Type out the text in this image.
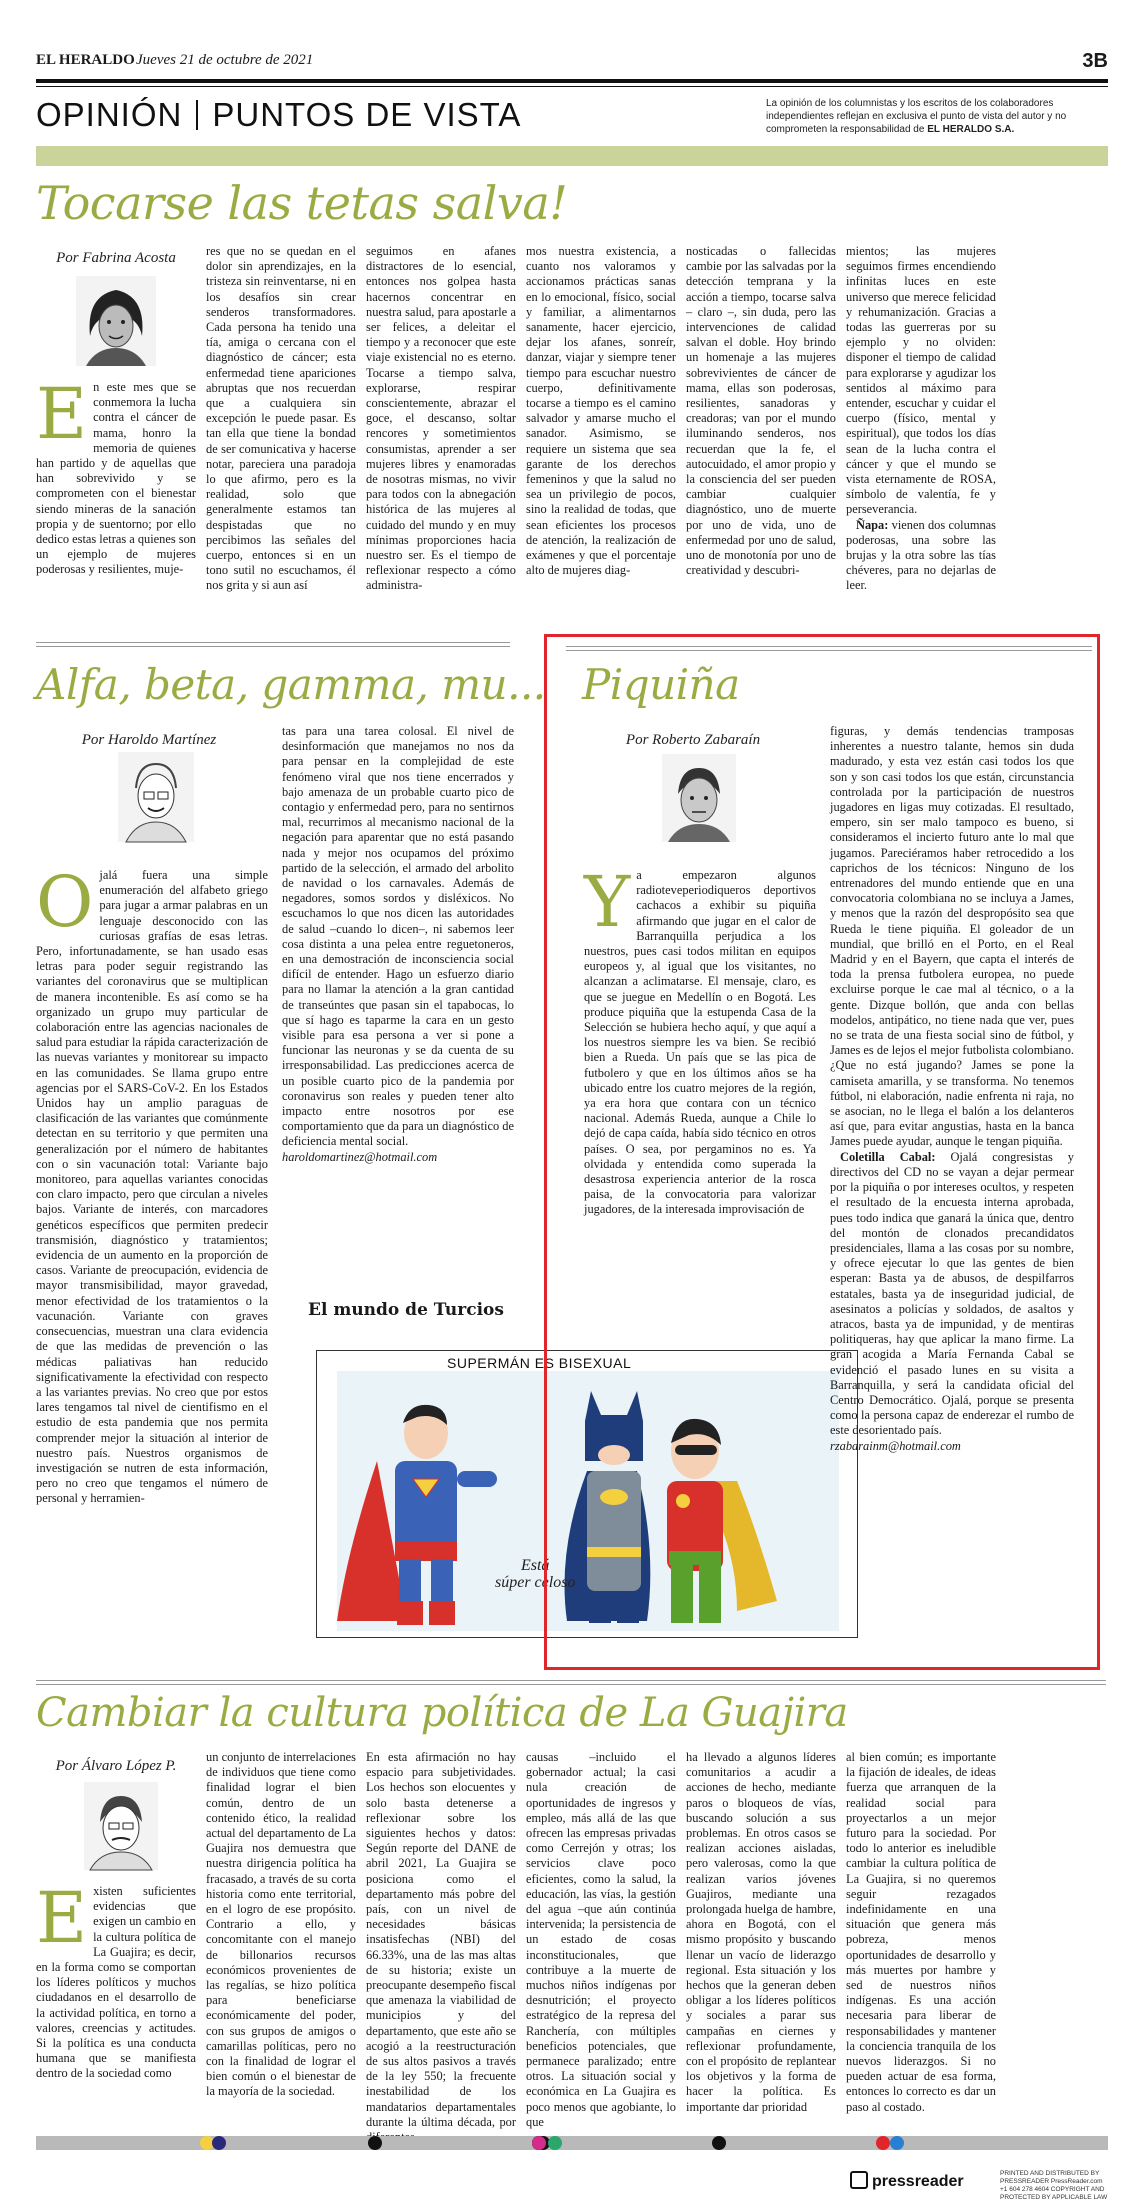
EL HERALDO Jueves 21 de octubre de 2021	3B
OPINIÓN PUNTOS DE VISTA	La opinión de los columnistas y los escritos de los colaboradores independientes reflejan en exclusiva el punto de vista del autor y no comprometen la responsabilidad de EL HERALDO S.A.
Tocarse las tetas salva!
Por Fabrina Acosta
E n este mes que se conmemora la lucha contra el cáncer de mama, honro la memoria de quienes han partido y de aquellas que han sobrevivido y se comprometen con el bienestar siendo mineras de la sanación propia y de suentorno; por ello dedico estas letras a quienes son un ejemplo de mujeres poderosas y resilientes, muje-

res que no se quedan en el dolor sin aprendizajes, en la tristeza sin reinventarse, ni en los desafíos sin crear senderos transformadores. Cada persona ha tenido una tía, amiga o cercana con el diagnóstico de cáncer; esta enfermedad tiene apariciones abruptas que nos recuerdan que a cualquiera sin excepción le puede pasar. Es tan ella que tiene la bondad de ser comunicativa y hacerse notar, pareciera una paradoja lo que afirmo, pero es la realidad, solo que generalmente estamos tan despistadas que no percibimos las señales del cuerpo, entonces si en un tono sutil no escuchamos, él nos grita y si aun así

seguimos en afanes distractores de lo esencial, entonces nos golpea hasta hacernos concentrar en nuestra salud, para apostarle a ser felices, a deleitar el tiempo y a reconocer que este viaje existencial no es eterno. Tocarse a tiempo salva, explorarse, respirar conscientemente, abrazar el goce, el descanso, soltar rencores y sometimientos consumistas, aprender a ser mujeres libres y enamoradas de nosotras mismas, no vivir para todos con la abnegación histórica de las mujeres al cuidado del mundo y en muy mínimas proporciones hacia nuestro ser. Es el tiempo de reflexionar respecto a cómo administra-

mos nuestra existencia, a cuanto nos valoramos y accionamos prácticas sanas en lo emocional, físico, social y familiar, a alimentarnos sanamente, hacer ejercicio, dejar los afanes, sonreír, danzar, viajar y siempre tener tiempo para escuchar nuestro cuerpo, definitivamente tocarse a tiempo es el camino salvador y amarse mucho el sanador. Asimismo, se requiere un sistema que sea garante de los derechos femeninos y que la salud no sea un privilegio de pocos, sino la realidad de todas, que sean eficientes los procesos de atención, la realización de exámenes y que el porcentaje alto de mujeres diag-

nosticadas o fallecidas cambie por las salvadas por la detección temprana y la acción a tiempo, tocarse salva – claro –, sin duda, pero las intervenciones de calidad salvan el doble. Hoy brindo un homenaje a las mujeres sobrevivientes de cáncer de mama, ellas son poderosas, resilientes, sanadoras y creadoras; van por el mundo iluminando senderos, nos recuerdan que la fe, el autocuidado, el amor propio y la consciencia del ser pueden cambiar cualquier diagnóstico, uno de muerte por uno de vida, uno de enfermedad por uno de salud, uno de monotonía por uno de creatividad y descubri-

mientos; las mujeres seguimos firmes encendiendo infinitas luces en este universo que merece felicidad y rehumanización. Gracias a todas las guerreras por su ejemplo y no olviden: disponer el tiempo de calidad para explorarse y agudizar los sentidos al máximo para entender, escuchar y cuidar el cuerpo (físico, mental y espiritual), que todos los días sean de la lucha contra el cáncer y que el mundo se vista eternamente de ROSA, símbolo de valentía, fe y perseverancia.

Ñapa: vienen dos columnas poderosas, una sobre las brujas y la otra sobre las tías chéveres, para no dejarlas de leer.

Alfa, beta, gamma, mu...
Por Haroldo Martínez
O jalá fuera una simple enumeración del alfabeto griego para jugar a armar palabras en un lenguaje desconocido con las curiosas grafías de esas letras. Pero, infortunadamente, se han usado esas letras para poder seguir registrando las variantes del coronavirus que se multiplican de manera incontenible. Es así como se ha organizado un grupo muy particular de colaboración entre las agencias nacionales de salud para estudiar la rápida caracterización de las nuevas variantes y monitorear su impacto en las comunidades. Se llama grupo entre agencias por el SARS-CoV-2. En los Estados Unidos hay un amplio paraguas de clasificación de las variantes que comúnmente detectan en su territorio y que permiten una generalización por el número de habitantes con o sin vacunación total: Variante bajo monitoreo, para aquellas variantes conocidas con claro impacto, pero que circulan a niveles bajos. Variante de interés, con marcadores genéticos específicos que permiten predecir transmisión, diagnóstico y tratamientos; evidencia de un aumento en la proporción de casos. Variante de preocupación, evidencia de mayor transmisibilidad, mayor gravedad, menor efectividad de los tratamientos o la vacunación. Variante con graves consecuencias, muestran una clara evidencia de que las medidas de prevención o las médicas paliativas han reducido significativamente la efectividad con respecto a las variantes previas. No creo que por estos lares tengamos tal nivel de cientifismo en el estudio de esta pandemia que nos permita comprender mejor la situación al interior de nuestro país. Nuestros organismos de investigación se nutren de esta información, pero no creo que tengamos el número de personal y herramien-

tas para una tarea colosal. El nivel de desinformación que manejamos no nos da para pensar en la complejidad de este fenómeno viral que nos tiene encerrados y bajo amenaza de un probable cuarto pico de contagio y enfermedad pero, para no sentirnos mal, recurrimos al mecanismo nacional de la negación para aparentar que no está pasando nada y mejor nos ocupamos del próximo partido de la selección, el armado del arbolito de navidad o los carnavales. Además de negadores, somos sordos y disléxicos. No escuchamos lo que nos dicen las autoridades de salud –cuando lo dicen–, ni sabemos leer cosa distinta a una pelea entre reguetoneros, en una demostración de inconsciencia social difícil de entender. Hago un esfuerzo diario para no llamar la atención a la gran cantidad de transeúntes que pasan sin el tapabocas, lo que sí hago es taparme la cara en un gesto visible para esa persona a ver si pone a funcionar las neuronas y se da cuenta de su irresponsabilidad. Las predicciones acerca de un posible cuarto pico de la pandemia por coronavirus son reales y pueden tener alto impacto entre nosotros por ese comportamiento que da para un diagnóstico de deficiencia mental social.

haroldomartinez@hotmail.com

El mundo de Turcios
SUPERMÁN ES BISEXUAL
Está
súper celoso
Piquiña
Por Roberto Zabaraín
Y a empezaron algunos radioteveperiodiqueros deportivos cachacos a exhibir su piquiña afirmando que jugar en el calor de Barranquilla perjudica a los nuestros, pues casi todos militan en equipos europeos y, al igual que los visitantes, no alcanzan a aclimatarse. El mensaje, claro, es que se juegue en Medellín o en Bogotá. Les produce piquiña que la estupenda Casa de la Selección se hubiera hecho aquí, y que aquí a los nuestros siempre les va bien. Se recibió bien a Rueda. Un país que se las pica de futbolero y que en los últimos años se ha ubicado entre los cuatro mejores de la región, ya era hora que contara con un técnico nacional. Además Rueda, aunque a Chile lo dejó de capa caída, había sido técnico en otros países. O sea, por pergaminos no es. Ya olvidada y entendida como superada la desastrosa experiencia anterior de la rosca paisa, de la convocatoria para valorizar jugadores, de la interesada improvisación de

figuras, y demás tendencias tramposas inherentes a nuestro talante, hemos sin duda madurado, y esta vez están casi todos los que son y son casi todos los que están, circunstancia controlada por la participación de nuestros jugadores en ligas muy cotizadas. El resultado, empero, sin ser malo tampoco es bueno, si consideramos el incierto futuro ante lo mal que jugamos. Pareciéramos haber retrocedido a los caprichos de los técnicos: Ninguno de los entrenadores del mundo entiende que en una convocatoria colombiana no se incluya a James, y menos que la razón del despropósito sea que Rueda le tiene piquiña. El goleador de un mundial, que brilló en el Porto, en el Real Madrid y en el Bayern, que capta el interés de toda la prensa futbolera europea, no puede excluirse porque le cae mal al técnico, o a la gente. Dizque bollón, que anda con bellas modelos, antipático, no tiene nada que ver, pues no se trata de una fiesta social sino de fútbol, y James es de lejos el mejor futbolista colombiano. ¿Que no está jugando? James se pone la camiseta amarilla, y se transforma. No tenemos fútbol, ni elaboración, nadie enfrenta ni raja, no se asocian, no le llega el balón a los delanteros así que, para evitar angustias, hasta en la banca James puede ayudar, aunque le tengan piquiña.

Coletilla Cabal: Ojalá congresistas y directivos del CD no se vayan a dejar permear por la piquiña o por intereses ocultos, y respeten el resultado de la encuesta interna aprobada, pues todo indica que ganará la única que, dentro del montón de clonados precandidatos presidenciales, llama a las cosas por su nombre, y ofrece ejecutar lo que las gentes de bien esperan: Basta ya de abusos, de despilfarros estatales, basta ya de inseguridad judicial, de asesinatos a policías y soldados, de asaltos y atracos, basta ya de impunidad, y de mentiras politiqueras, hay que aplicar la mano firme. La gran acogida a María Fernanda Cabal se evidenció el pasado lunes en su visita a Barranquilla, y será la candidata oficial del Centro Democrático. Ojalá, porque se presenta como la persona capaz de enderezar el rumbo de este desorientado país.

rzabarainm@hotmail.com

Cambiar la cultura política de La Guajira
Por Álvaro López P.
E xisten suficientes evidencias que exigen un cambio en la cultura política de La Guajira; es decir, en la forma como se comportan los líderes políticos y muchos ciudadanos en el desarrollo de la actividad política, en torno a valores, creencias y actitudes. Si la política es una conducta humana que se manifiesta dentro de la sociedad como

un conjunto de interrelaciones de individuos que tiene como finalidad lograr el bien común, dentro de un contenido ético, la realidad actual del departamento de La Guajira nos demuestra que nuestra dirigencia política ha fracasado, a través de su corta historia como ente territorial, en el logro de ese propósito. Contrario a ello, y concomitante con el manejo de billonarios recursos económicos provenientes de las regalías, se hizo política para beneficiarse económicamente del poder, con sus grupos de amigos o camarillas políticas, pero no con la finalidad de lograr el bien común o el bienestar de la mayoría de la sociedad.

En esta afirmación no hay espacio para subjetividades. Los hechos son elocuentes y solo basta detenerse a reflexionar sobre los siguientes hechos y datos: Según reporte del DANE de abril 2021, La Guajira se posiciona como el departamento más pobre del país, con un nivel de necesidades básicas insatisfechas (NBI) del 66.33%, una de las mas altas de su historia; existe un preocupante desempeño fiscal que amenaza la viabilidad de municipios y del departamento, que este año se acogió a la reestructuración de sus altos pasivos a través de la ley 550; la frecuente inestabilidad de los mandatarios departamentales durante la última década, por

causas –incluido el gobernador actual; la casi nula creación de oportunidades de ingresos y empleo, más allá de las que ofrecen las empresas privadas como Cerrejón y otras; los servicios clave poco eficientes, como la salud, la educación, las vías, la gestión del agua –que aún continúa intervenida; la persistencia de un estado de cosas inconstitucionales, que contribuye a la muerte de muchos niños indígenas por desnutrición; el proyecto estratégico de la represa del Ranchería, con múltiples beneficios potenciales, que permanece paralizado; entre otros. La situación social y económica en La Guajira es poco menos que agobiante, lo que

ha llevado a algunos líderes comunitarios a acudir a acciones de hecho, mediante paros o bloqueos de vías, buscando solución a sus problemas. En otros casos se realizan acciones aisladas, pero valerosas, como la que realizan varios jóvenes Guajiros, mediante una prolongada huelga de hambre, ahora en Bogotá, con el mismo propósito y buscando llenar un vacío de liderazgo regional. Esta situación y los hechos que la generan deben obligar a los líderes políticos y sociales a parar sus campañas en ciernes y reflexionar profundamente, con el propósito de replantear los objetivos y la forma de hacer la política. Es importante dar prioridad

al bien común; es importante la fijación de ideales, de ideas fuerza que arranquen de la realidad social para proyectarlos a un mejor futuro para la sociedad. Por todo lo anterior es ineludible cambiar la cultura política de La Guajira, si no queremos seguir rezagados indefinidamente en una situación que genera más pobreza, menos oportunidades de desarrollo y más muertes por hambre y sed de nuestros niños indígenas. Es una acción necesaria para liberar de responsabilidades y mantener la conciencia tranquila de los nuevos liderazgos. Si no pueden actuar de esa forma, entonces lo correcto es dar un paso al costado.

pressreader	PRINTED AND DISTRIBUTED BY PRESSREADER PressReader.com +1 604 278 4604 COPYRIGHT AND PROTECTED BY APPLICABLE LAW
